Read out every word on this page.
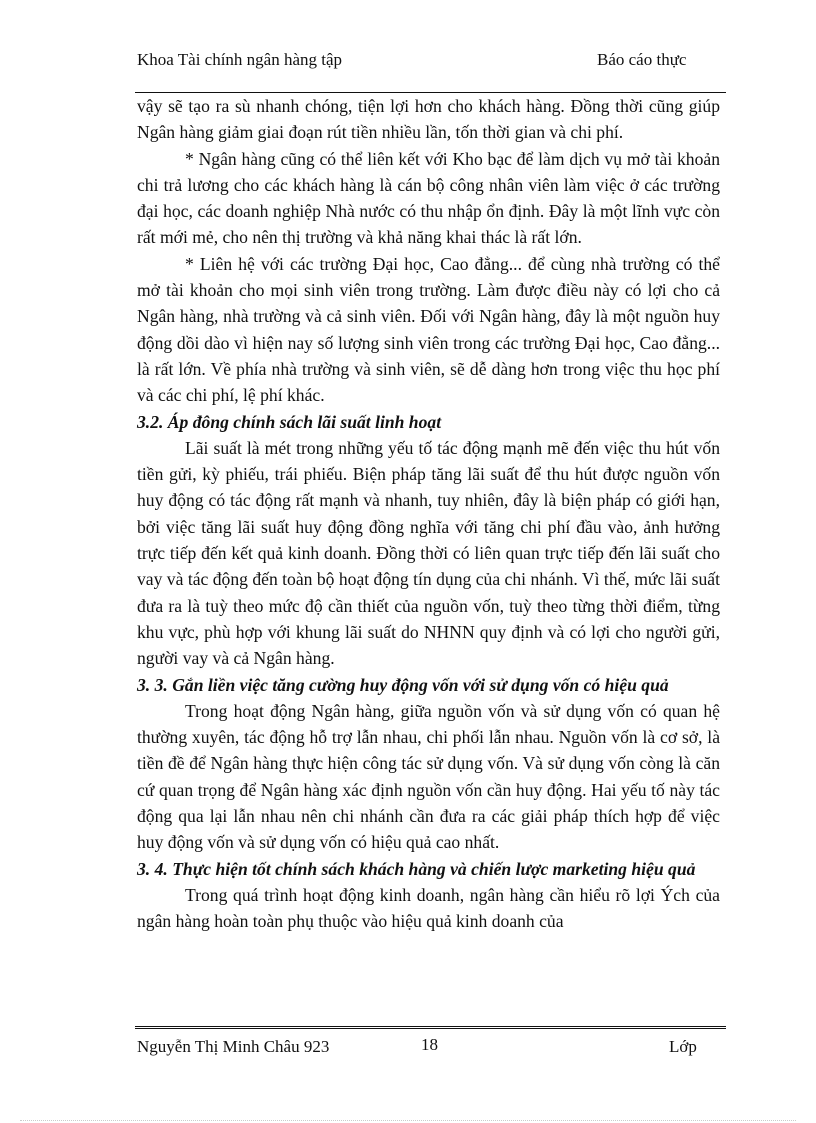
Khoa Tài chính ngân hàng tập	Báo cáo thực

vậy sẽ tạo ra sù nhanh chóng, tiện lợi hơn cho khách hàng. Đồng thời cũng giúp Ngân hàng giảm giai đoạn rút tiền nhiều lần, tốn thời gian và chi phí.

* Ngân hàng cũng có thể liên kết với Kho bạc để làm dịch vụ mở tài khoản chi trả lương cho các khách hàng là cán bộ công nhân viên làm việc ở các trường đại học, các doanh nghiệp Nhà nước có thu nhập ổn định. Đây là một lĩnh vực còn rất mới mẻ, cho nên thị trường và khả năng khai thác là rất lớn.

* Liên hệ với các trường Đại học, Cao đẳng... để cùng nhà trường có thể mở tài khoản cho mọi sinh viên trong trường. Làm được điều này có lợi cho cả Ngân hàng, nhà trường và cả sinh viên. Đối với Ngân hàng, đây là một nguồn huy động dồi dào vì hiện nay số lượng sinh viên trong các trường Đại học, Cao đẳng... là rất lớn. Về phía nhà trường và sinh viên, sẽ dễ dàng hơn trong việc thu học phí và các chi phí, lệ phí khác.

3.2. Áp đông chính sách lãi suất linh hoạt

Lãi suất là mét trong những yếu tố tác động mạnh mẽ đến việc thu hút vốn tiền gửi, kỳ phiếu, trái phiếu. Biện pháp tăng lãi suất để thu hút được nguồn vốn huy động có tác động rất mạnh và nhanh, tuy nhiên, đây là biện pháp có giới hạn, bởi việc tăng lãi suất huy động đồng nghĩa với tăng chi phí đầu vào, ảnh hưởng trực tiếp đến kết quả kinh doanh. Đồng thời có liên quan trực tiếp đến lãi suất cho vay và tác động đến toàn bộ hoạt động tín dụng của chi nhánh. Vì thế, mức lãi suất đưa ra là tuỳ theo mức độ cần thiết của nguồn vốn, tuỳ theo từng thời điểm, từng khu vực, phù hợp với khung lãi suất do NHNN quy định và có lợi cho người gửi, người vay và cả Ngân hàng.

3. 3. Gắn liền việc tăng cường huy động vốn với sử dụng vốn có hiệu quả

Trong hoạt động Ngân hàng, giữa nguồn vốn và sử dụng vốn có quan hệ thường xuyên, tác động hỗ trợ lẫn nhau, chi phối lẫn nhau. Nguồn vốn là cơ sở, là tiền đề để Ngân hàng thực hiện công tác sử dụng vốn. Và sử dụng vốn còng là căn cứ quan trọng để Ngân hàng xác định nguồn vốn cần huy động. Hai yếu tố này tác động qua lại lẫn nhau nên chi nhánh cần đưa ra các giải pháp thích hợp để việc huy động vốn và sử dụng vốn có hiệu quả cao nhất.

3. 4. Thực hiện tốt chính sách khách hàng và chiến lược marketing hiệu quả

Trong quá trình hoạt động kinh doanh, ngân hàng cần hiểu rõ lợi Ých của ngân hàng hoàn toàn phụ thuộc vào hiệu quả kinh doanh của

Nguyễn Thị Minh Châu 923	18	Lớp
